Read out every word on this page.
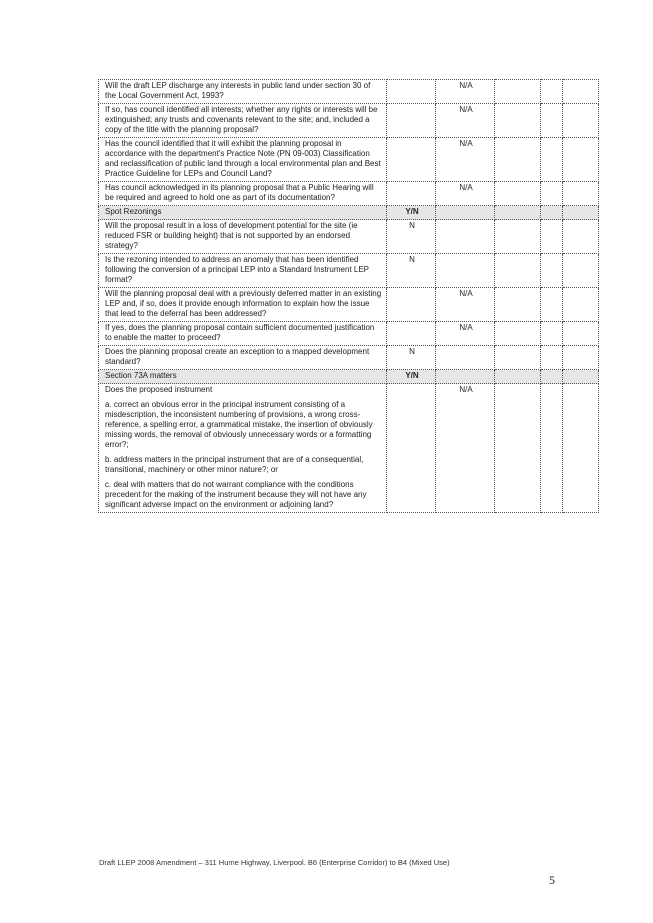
Will the draft LEP discharge any interests in public land under section 30 of the Local Government Act, 1993?		N/A			
If so, has council identified all interests; whether any rights or interests will be extinguished; any trusts and covenants relevant to the site; and, included a copy of the title with the planning proposal?		N/A			
Has the council identified that it will exhibit the planning proposal in accordance with the department's Practice Note (PN 09-003) Classification and reclassification of public land through a local environmental plan and Best Practice Guideline for LEPs and Council Land?		N/A			
Has council acknowledged in its planning proposal that a Public Hearing will be required and agreed to hold one as part of its documentation?		N/A			
Spot Rezonings	Y/N				
Will the proposal result in a loss of development potential for the site (ie reduced FSR or building height) that is not supported by an endorsed strategy?	N				
Is the rezoning intended to address an anomaly that has been identified following the conversion of a principal LEP into a Standard Instrument LEP format?	N				
Will the planning proposal deal with a previously deferred matter in an existing LEP and, if so, does it provide enough information to explain how the issue that lead to the deferral has been addressed?		N/A			
If yes, does the planning proposal contain sufficient documented justification to enable the matter to proceed?		N/A			
Does the planning proposal create an exception to a mapped development standard?	N				
Section 73A matters	Y/N				

Does the proposed instrument

a. correct an obvious error in the principal instrument consisting of a misdescription, the inconsistent numbering of provisions, a wrong cross-reference, a spelling error, a grammatical mistake, the insertion of obviously missing words, the removal of obviously unnecessary words or a formatting error?;

b. address matters in the principal instrument that are of a consequential, transitional, machinery or other minor nature?; or

c. deal with matters that do not warrant compliance with the conditions precedent for the making of the instrument because they will not have any significant adverse impact on the environment or adjoining land?		N/A			
Draft LLEP 2008 Amendment – 311 Hume Highway, Liverpool. B6 (Enterprise Corridor) to B4 (Mixed Use)
5
